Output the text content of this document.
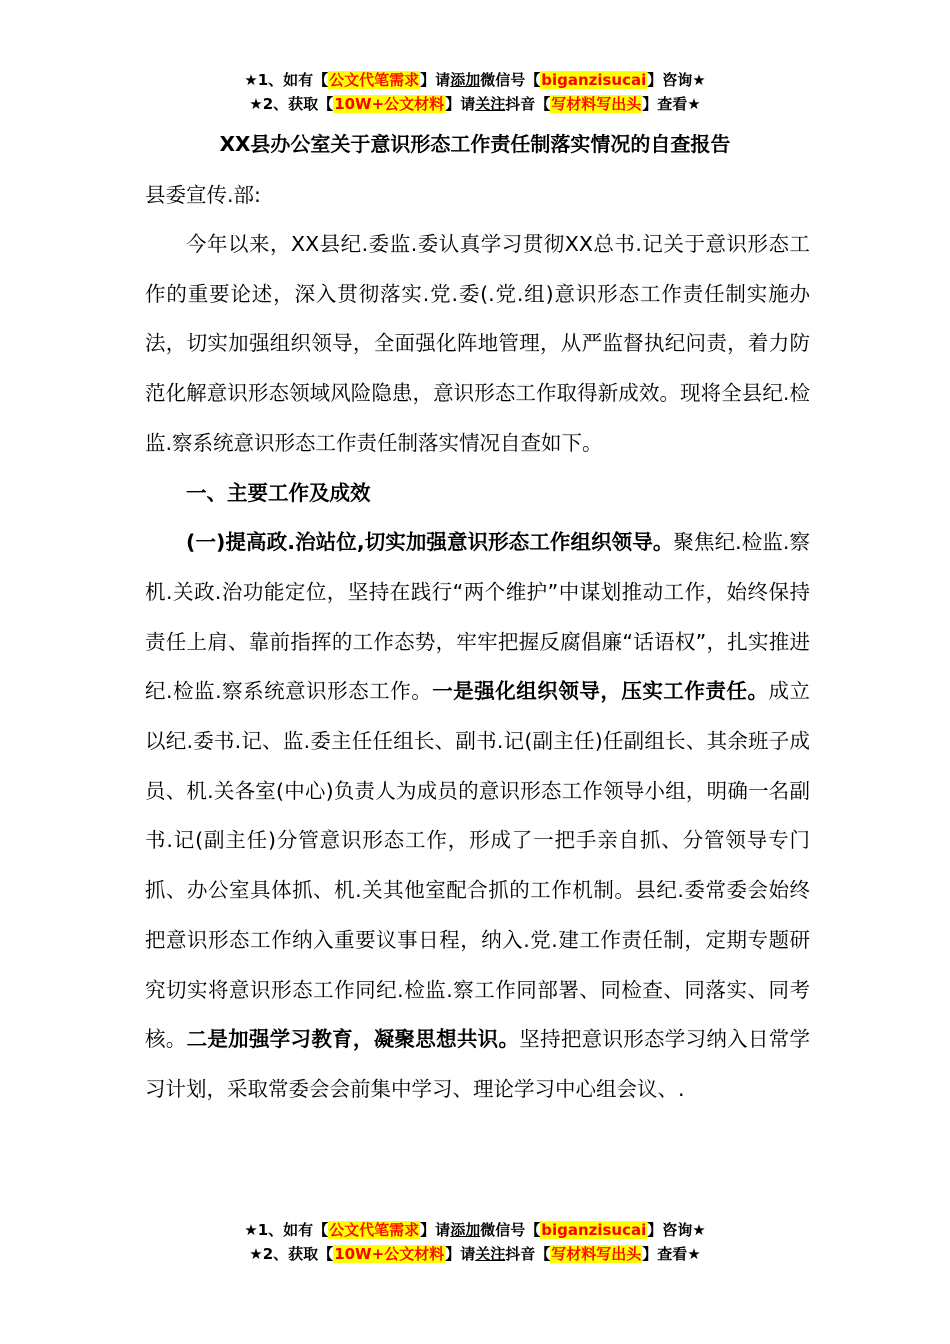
★1、如有【公文代笔需求】请添加微信号【biganzisucai】咨询★
★2、获取【10W+公文材料】请关注抖音【写材料写出头】查看★
XX县办公室关于意识形态工作责任制落实情况的自查报告
县委宣传.部:

今年以来，XX县纪.委监.委认真学习贯彻XX总书.记关于意识形态工作的重要论述，深入贯彻落实.党.委(.党.组)意识形态工作责任制实施办法，切实加强组织领导，全面强化阵地管理，从严监督执纪问责，着力防范化解意识形态领域风险隐患，意识形态工作取得新成效。现将全县纪.检监.察系统意识形态工作责任制落实情况自查如下。

一、主要工作及成效

(一)提高政.治站位,切实加强意识形态工作组织领导。聚焦纪.检监.察机.关政.治功能定位，坚持在践行“两个维护”中谋划推动工作，始终保持责任上肩、靠前指挥的工作态势，牢牢把握反腐倡廉“话语权”，扎实推进纪.检监.察系统意识形态工作。一是强化组织领导，压实工作责任。成立以纪.委书.记、监.委主任任组长、副书.记(副主任)任副组长、其余班子成员、机.关各室(中心)负责人为成员的意识形态工作领导小组，明确一名副书.记(副主任)分管意识形态工作，形成了一把手亲自抓、分管领导专门抓、办公室具体抓、机.关其他室配合抓的工作机制。县纪.委常委会始终把意识形态工作纳入重要议事日程，纳入.党.建工作责任制，定期专题研究切实将意识形态工作同纪.检监.察工作同部署、同检查、同落实、同考核。二是加强学习教育，凝聚思想共识。坚持把意识形态学习纳入日常学习计划，采取常委会会前集中学习、理论学习中心组会议、.

★1、如有【公文代笔需求】请添加微信号【biganzisucai】咨询★
★2、获取【10W+公文材料】请关注抖音【写材料写出头】查看★
